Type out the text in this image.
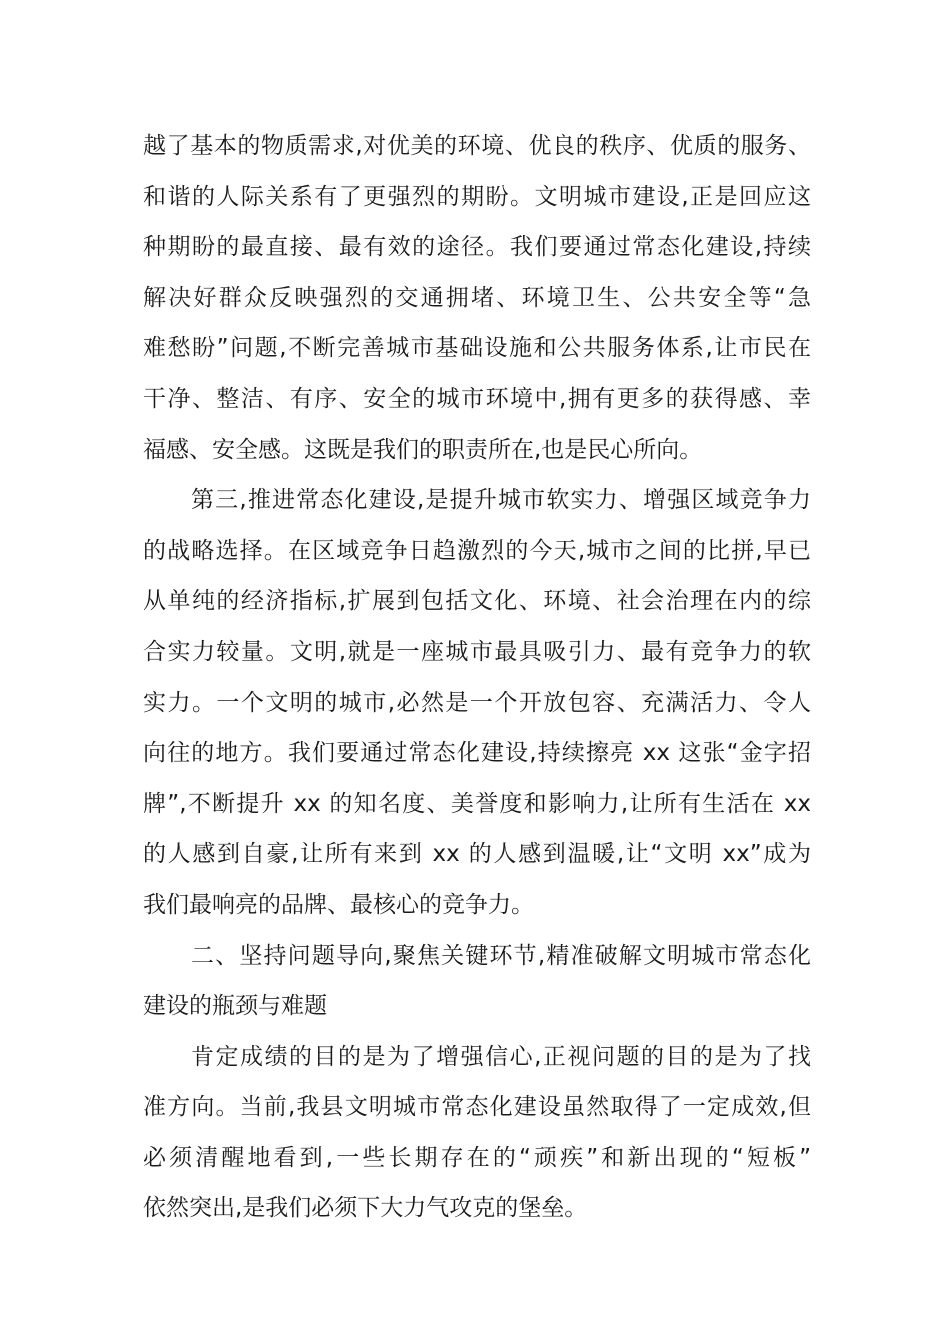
越了基本的物质需求,对优美的环境、优良的秩序、优质的服务、
和谐的人际关系有了更强烈的期盼。文明城市建设,正是回应这
种期盼的最直接、最有效的途径。我们要通过常态化建设,持续
解决好群众反映强烈的交通拥堵、环境卫生、公共安全等“急
难愁盼”问题,不断完善城市基础设施和公共服务体系,让市民在
干净、整洁、有序、安全的城市环境中,拥有更多的获得感、幸
福感、安全感。这既是我们的职责所在,也是民心所向。
第三,推进常态化建设,是提升城市软实力、增强区域竞争力
的战略选择。在区域竞争日趋激烈的今天,城市之间的比拼,早已
从单纯的经济指标,扩展到包括文化、环境、社会治理在内的综
合实力较量。文明,就是一座城市最具吸引力、最有竞争力的软
实力。一个文明的城市,必然是一个开放包容、充满活力、令人
向往的地方。我们要通过常态化建设,持续擦亮 xx 这张“金字招
牌”,不断提升 xx 的知名度、美誉度和影响力,让所有生活在 xx
的人感到自豪,让所有来到 xx 的人感到温暖,让“文明 xx”成为
我们最响亮的品牌、最核心的竞争力。
二、坚持问题导向,聚焦关键环节,精准破解文明城市常态化
建设的瓶颈与难题
肯定成绩的目的是为了增强信心,正视问题的目的是为了找
准方向。当前,我县文明城市常态化建设虽然取得了一定成效,但
必须清醒地看到,一些长期存在的“顽疾”和新出现的“短板”
依然突出,是我们必须下大力气攻克的堡垒。
